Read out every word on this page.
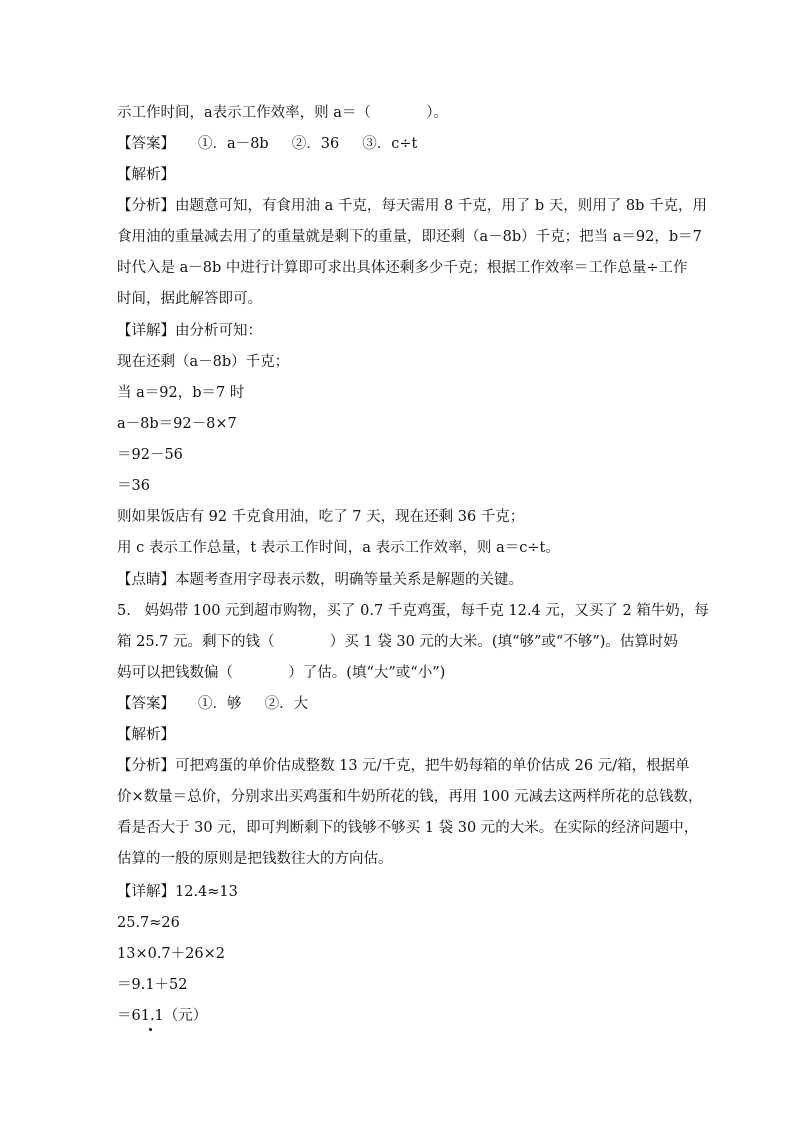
示工作时间，a表示工作效率，则 a＝（            ）。
【答案】     ①．a－8b     ②．36     ③．c÷t
【解析】
【分析】由题意可知，有食用油 a 千克，每天需用 8 千克，用了 b 天，则用了 8b 千克，用
食用油的重量减去用了的重量就是剩下的重量，即还剩（a－8b）千克；把当 a＝92，b＝7
时代入是 a－8b 中进行计算即可求出具体还剩多少千克；根据工作效率＝工作总量÷工作
时间，据此解答即可。
【详解】由分析可知：
现在还剩（a－8b）千克；
当 a＝92，b＝7 时
a－8b＝92－8×7
＝92－56
＝36
则如果饭店有 92 千克食用油，吃了 7 天，现在还剩 36 千克；
用 c 表示工作总量，t 表示工作时间，a 表示工作效率，则 a＝c÷t。
【点睛】本题考查用字母表示数，明确等量关系是解题的关键。
5.   妈妈带 100 元到超市购物，买了 0.7 千克鸡蛋，每千克 12.4 元，又买了 2 箱牛奶，每
箱 25.7 元。剩下的钱（            ）买 1 袋 30 元的大米。(填“够”或“不够”)。估算时妈
妈可以把钱数偏（            ）了估。(填“大”或“小”)
【答案】     ①．够     ②．大
【解析】
【分析】可把鸡蛋的单价估成整数 13 元/千克，把牛奶每箱的单价估成 26 元/箱，根据单
价×数量＝总价，分别求出买鸡蛋和牛奶所花的钱，再用 100 元减去这两样所花的总钱数，
看是否大于 30 元，即可判断剩下的钱够不够买 1 袋 30 元的大米。在实际的经济问题中，
估算的一般的原则是把钱数往大的方向估。
【详解】12.4≈13
25.7≈26
13×0.7＋26×2
＝9.1＋52
＝61.1（元）
